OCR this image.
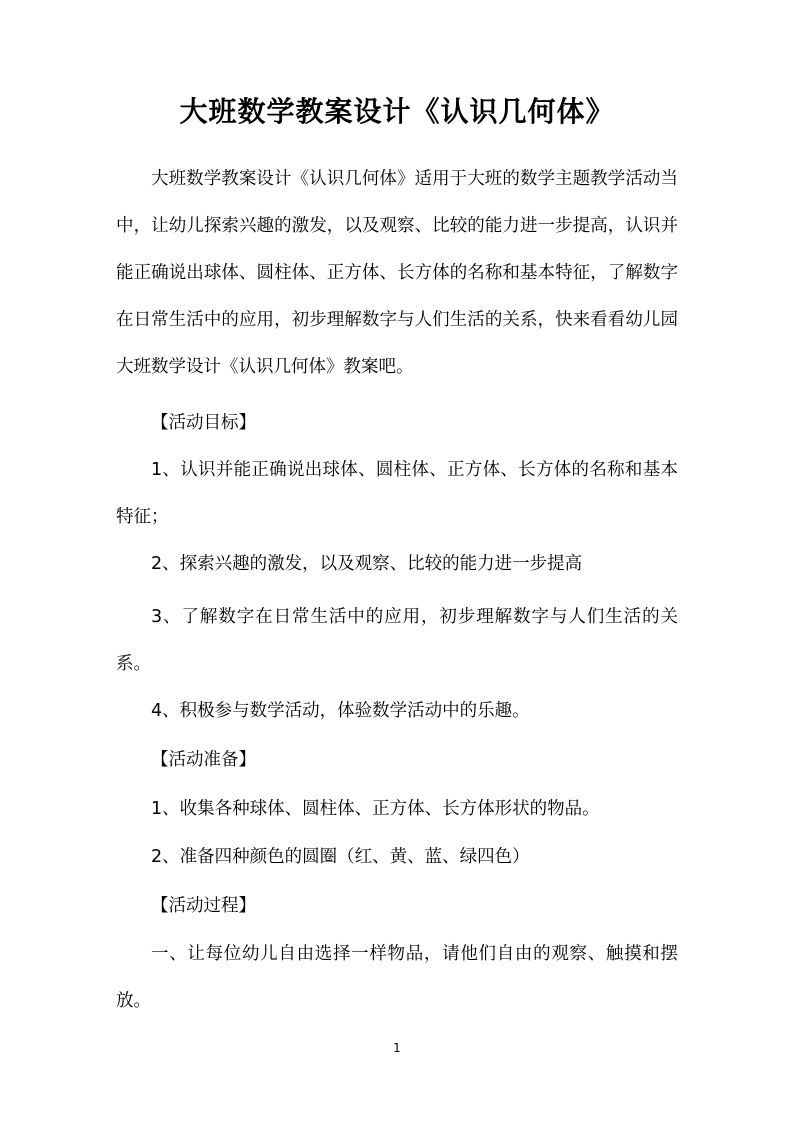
大班数学教案设计《认识几何体》
大班数学教案设计《认识几何体》适用于大班的数学主题教学活动当中，让幼儿探索兴趣的激发，以及观察、比较的能力进一步提高，认识并能正确说出球体、圆柱体、正方体、长方体的名称和基本特征，了解数字在日常生活中的应用，初步理解数字与人们生活的关系，快来看看幼儿园大班数学设计《认识几何体》教案吧。
【活动目标】
1、认识并能正确说出球体、圆柱体、正方体、长方体的名称和基本特征；
2、探索兴趣的激发，以及观察、比较的能力进一步提高
3、了解数字在日常生活中的应用，初步理解数字与人们生活的关系。
4、积极参与数学活动，体验数学活动中的乐趣。
【活动准备】
1、收集各种球体、圆柱体、正方体、长方体形状的物品。
2、准备四种颜色的圆圈（红、黄、蓝、绿四色）
【活动过程】
一、让每位幼儿自由选择一样物品，请他们自由的观察、触摸和摆放。
1
